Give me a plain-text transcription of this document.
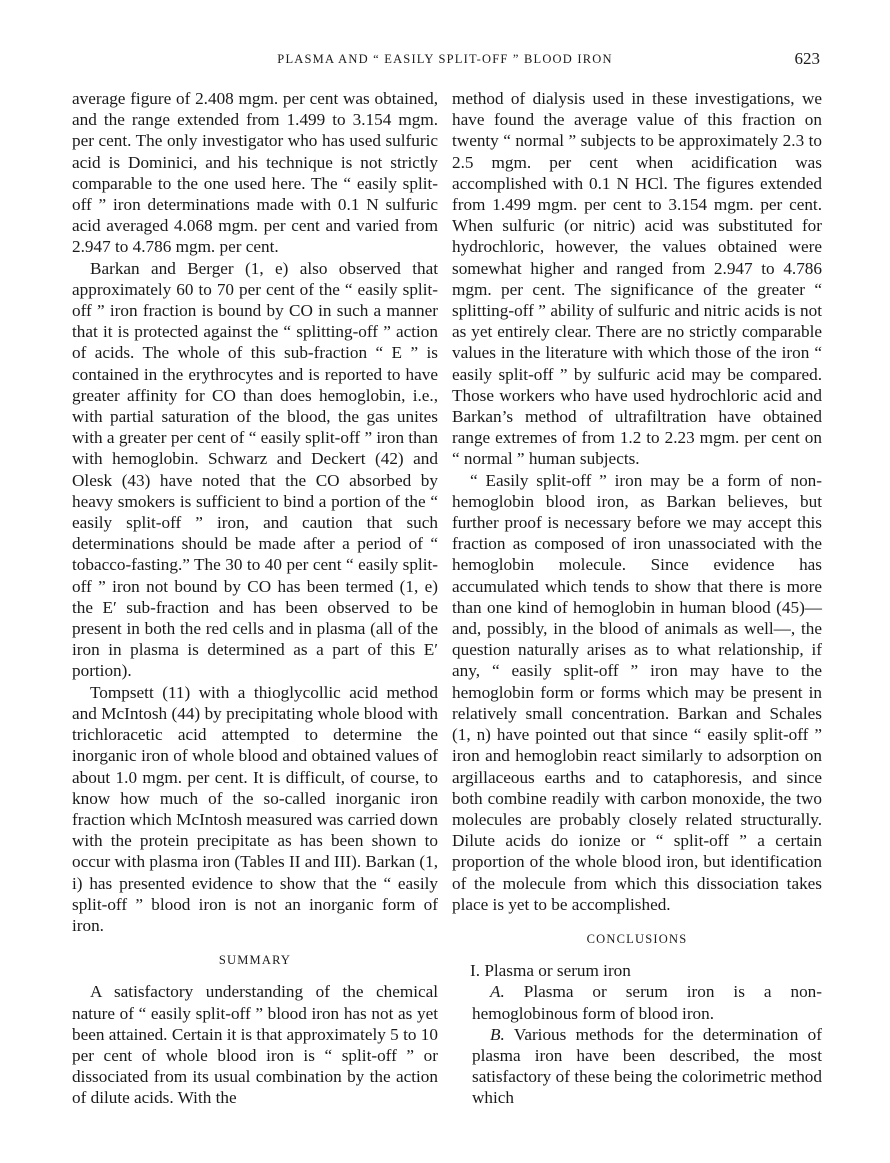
PLASMA AND “ EASILY SPLIT-OFF ” BLOOD IRON	623

average figure of 2.408 mgm. per cent was obtained, and the range extended from 1.499 to 3.154 mgm. per cent. The only investigator who has used sulfuric acid is Dominici, and his technique is not strictly comparable to the one used here. The “ easily split-off ” iron determinations made with 0.1 N sulfuric acid averaged 4.068 mgm. per cent and varied from 2.947 to 4.786 mgm. per cent.

Barkan and Berger (1, e) also observed that approximately 60 to 70 per cent of the “ easily split-off ” iron fraction is bound by CO in such a manner that it is protected against the “ splitting-off ” action of acids. The whole of this sub-fraction “ E ” is contained in the erythrocytes and is reported to have greater affinity for CO than does hemoglobin, i.e., with partial saturation of the blood, the gas unites with a greater per cent of “ easily split-off ” iron than with hemoglobin. Schwarz and Deckert (42) and Olesk (43) have noted that the CO absorbed by heavy smokers is sufficient to bind a portion of the “ easily split-off ” iron, and caution that such determinations should be made after a period of “ tobacco-fasting.” The 30 to 40 per cent “ easily split-off ” iron not bound by CO has been termed (1, e) the E′ sub-fraction and has been observed to be present in both the red cells and in plasma (all of the iron in plasma is determined as a part of this E′ portion).

Tompsett (11) with a thioglycollic acid method and McIntosh (44) by precipitating whole blood with trichloracetic acid attempted to determine the inorganic iron of whole blood and obtained values of about 1.0 mgm. per cent. It is difficult, of course, to know how much of the so-called inorganic iron fraction which McIntosh measured was carried down with the protein precipitate as has been shown to occur with plasma iron (Tables II and III). Barkan (1, i) has presented evidence to show that the “ easily split-off ” blood iron is not an inorganic form of iron.

SUMMARY

A satisfactory understanding of the chemical nature of “ easily split-off ” blood iron has not as yet been attained. Certain it is that approximately 5 to 10 per cent of whole blood iron is “ split-off ” or dissociated from its usual combination by the action of dilute acids. With the

method of dialysis used in these investigations, we have found the average value of this fraction on twenty “ normal ” subjects to be approximately 2.3 to 2.5 mgm. per cent when acidification was accomplished with 0.1 N HCl. The figures extended from 1.499 mgm. per cent to 3.154 mgm. per cent. When sulfuric (or nitric) acid was substituted for hydrochloric, however, the values obtained were somewhat higher and ranged from 2.947 to 4.786 mgm. per cent. The significance of the greater “ splitting-off ” ability of sulfuric and nitric acids is not as yet entirely clear. There are no strictly comparable values in the literature with which those of the iron “ easily split-off ” by sulfuric acid may be compared. Those workers who have used hydrochloric acid and Barkan’s method of ultrafiltration have obtained range extremes of from 1.2 to 2.23 mgm. per cent on “ normal ” human subjects.

“ Easily split-off ” iron may be a form of non-hemoglobin blood iron, as Barkan believes, but further proof is necessary before we may accept this fraction as composed of iron unassociated with the hemoglobin molecule. Since evidence has accumulated which tends to show that there is more than one kind of hemoglobin in human blood (45)—and, possibly, in the blood of animals as well—, the question naturally arises as to what relationship, if any, “ easily split-off ” iron may have to the hemoglobin form or forms which may be present in relatively small concentration. Barkan and Schales (1, n) have pointed out that since “ easily split-off ” iron and hemoglobin react similarly to adsorption on argillaceous earths and to cataphoresis, and since both combine readily with carbon monoxide, the two molecules are probably closely related structurally. Dilute acids do ionize or “ split-off ” a certain proportion of the whole blood iron, but identification of the molecule from which this dissociation takes place is yet to be accomplished.

CONCLUSIONS

I. Plasma or serum iron

A. Plasma or serum iron is a non-hemoglobinous form of blood iron.

B. Various methods for the determination of plasma iron have been described, the most satisfactory of these being the colorimetric method which
